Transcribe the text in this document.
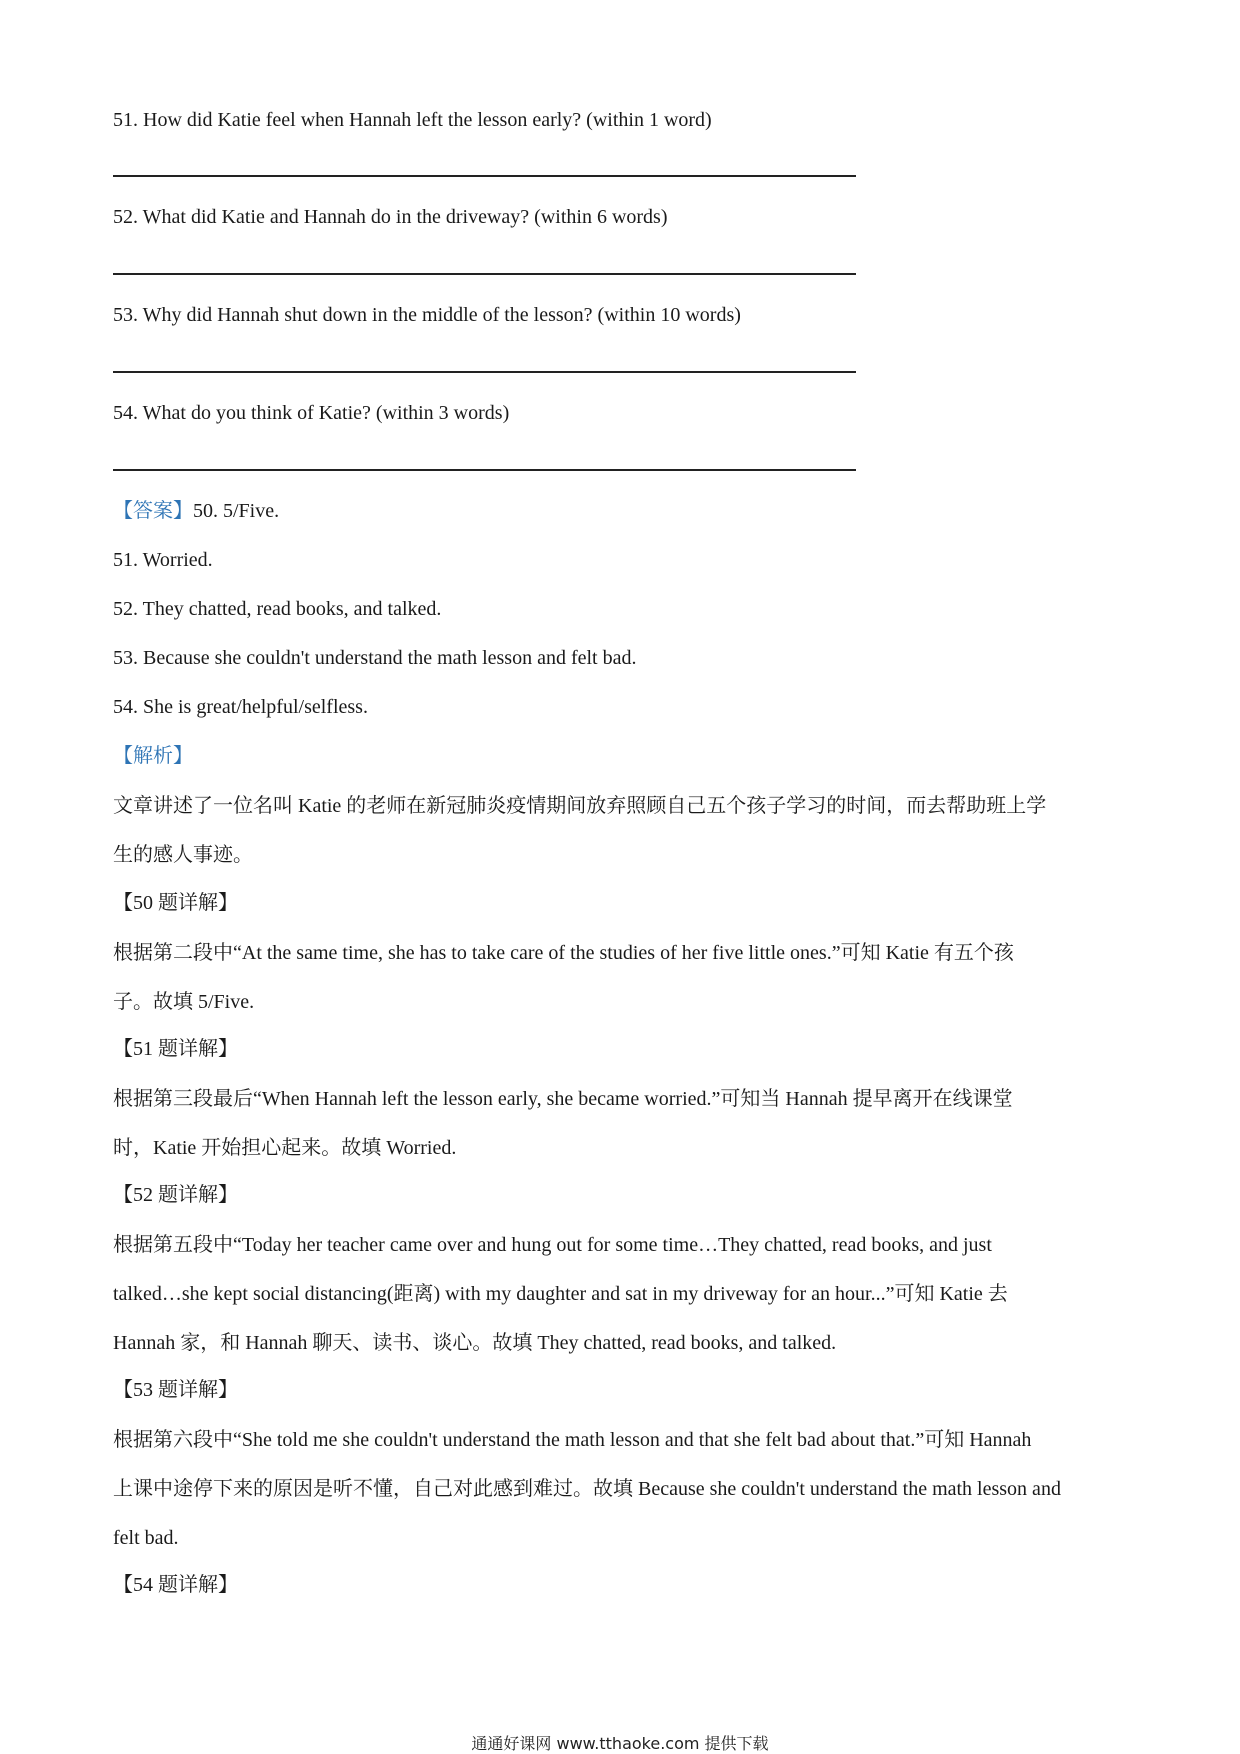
51. How did Katie feel when Hannah left the lesson early? (within 1 word)
52. What did Katie and Hannah do in the driveway? (within 6 words)
53. Why did Hannah shut down in the middle of the lesson? (within 10 words)
54. What do you think of Katie? (within 3 words)
【答案】50. 5/Five.
51. Worried.
52. They chatted, read books, and talked.
53. Because she couldn't understand the math lesson and felt bad.
54. She is great/helpful/selfless.
【解析】
文章讲述了一位名叫 Katie 的老师在新冠肺炎疫情期间放弃照顾自己五个孩子学习的时间，而去帮助班上学
生的感人事迹。
【50 题详解】
根据第二段中“At the same time, she has to take care of the studies of her five little ones.”可知 Katie 有五个孩
子。故填 5/Five.
【51 题详解】
根据第三段最后“When Hannah left the lesson early, she became worried.”可知当 Hannah 提早离开在线课堂
时，Katie 开始担心起来。故填 Worried.
【52 题详解】
根据第五段中“Today her teacher came over and hung out for some time…They chatted, read books, and just
talked…she kept social distancing(距离) with my daughter and sat in my driveway for an hour...”可知 Katie 去
Hannah 家，和 Hannah 聊天、读书、谈心。故填 They chatted, read books, and talked.
【53 题详解】
根据第六段中“She told me she couldn't understand the math lesson and that she felt bad about that.”可知 Hannah
上课中途停下来的原因是听不懂，自己对此感到难过。故填 Because she couldn't understand the math lesson and
felt bad.
【54 题详解】
通通好课网 www.tthaoke.com 提供下载
